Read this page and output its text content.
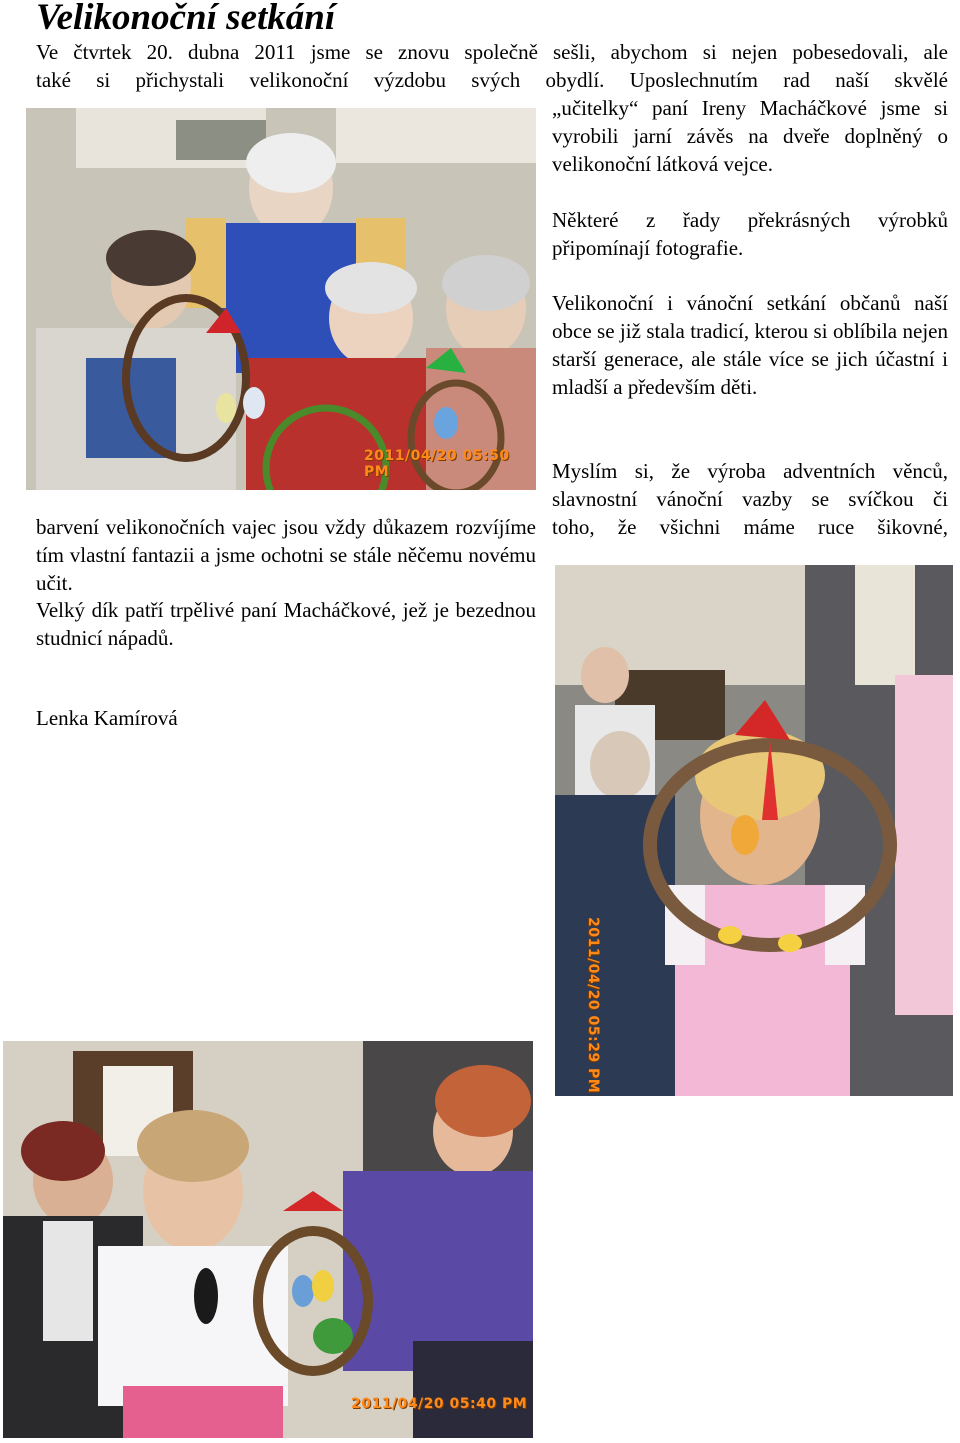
Velikonoční setkání

Ve čtvrtek 20. dubna 2011 jsme se znovu společně sešli, abychom si nejen pobesedovali, ale
také si přichystali velikonoční výzdobu svých obydlí. Uposlechnutím rad naší skvělé

2011/04/20 05:50 PM

„učitelky“ paní Ireny Macháčkové jsme si vyrobili jarní závěs na dveře doplněný o velikonoční látková vejce.

Některé z řady překrásných výrobků připomínají fotografie.

Velikonoční i vánoční setkání občanů naší obce se již stala tradicí, kterou si oblíbila nejen starší generace, ale stále více se jich účastní i mladší a především děti.

Myslím si, že výroba adventních věnců, slavnostní vánoční vazby se svíčkou či

toho, že všichni máme ruce šikovné,

barvení velikonočních vajec jsou vždy důkazem rozvíjíme tím vlastní fantazii a jsme ochotni se stále něčemu novému učit.

Velký dík patří trpělivé paní Macháčkové, jež je bezednou studnicí nápadů.

Lenka Kamírová

2011/04/20 05:29 PM
2011/04/20 05:40 PM
